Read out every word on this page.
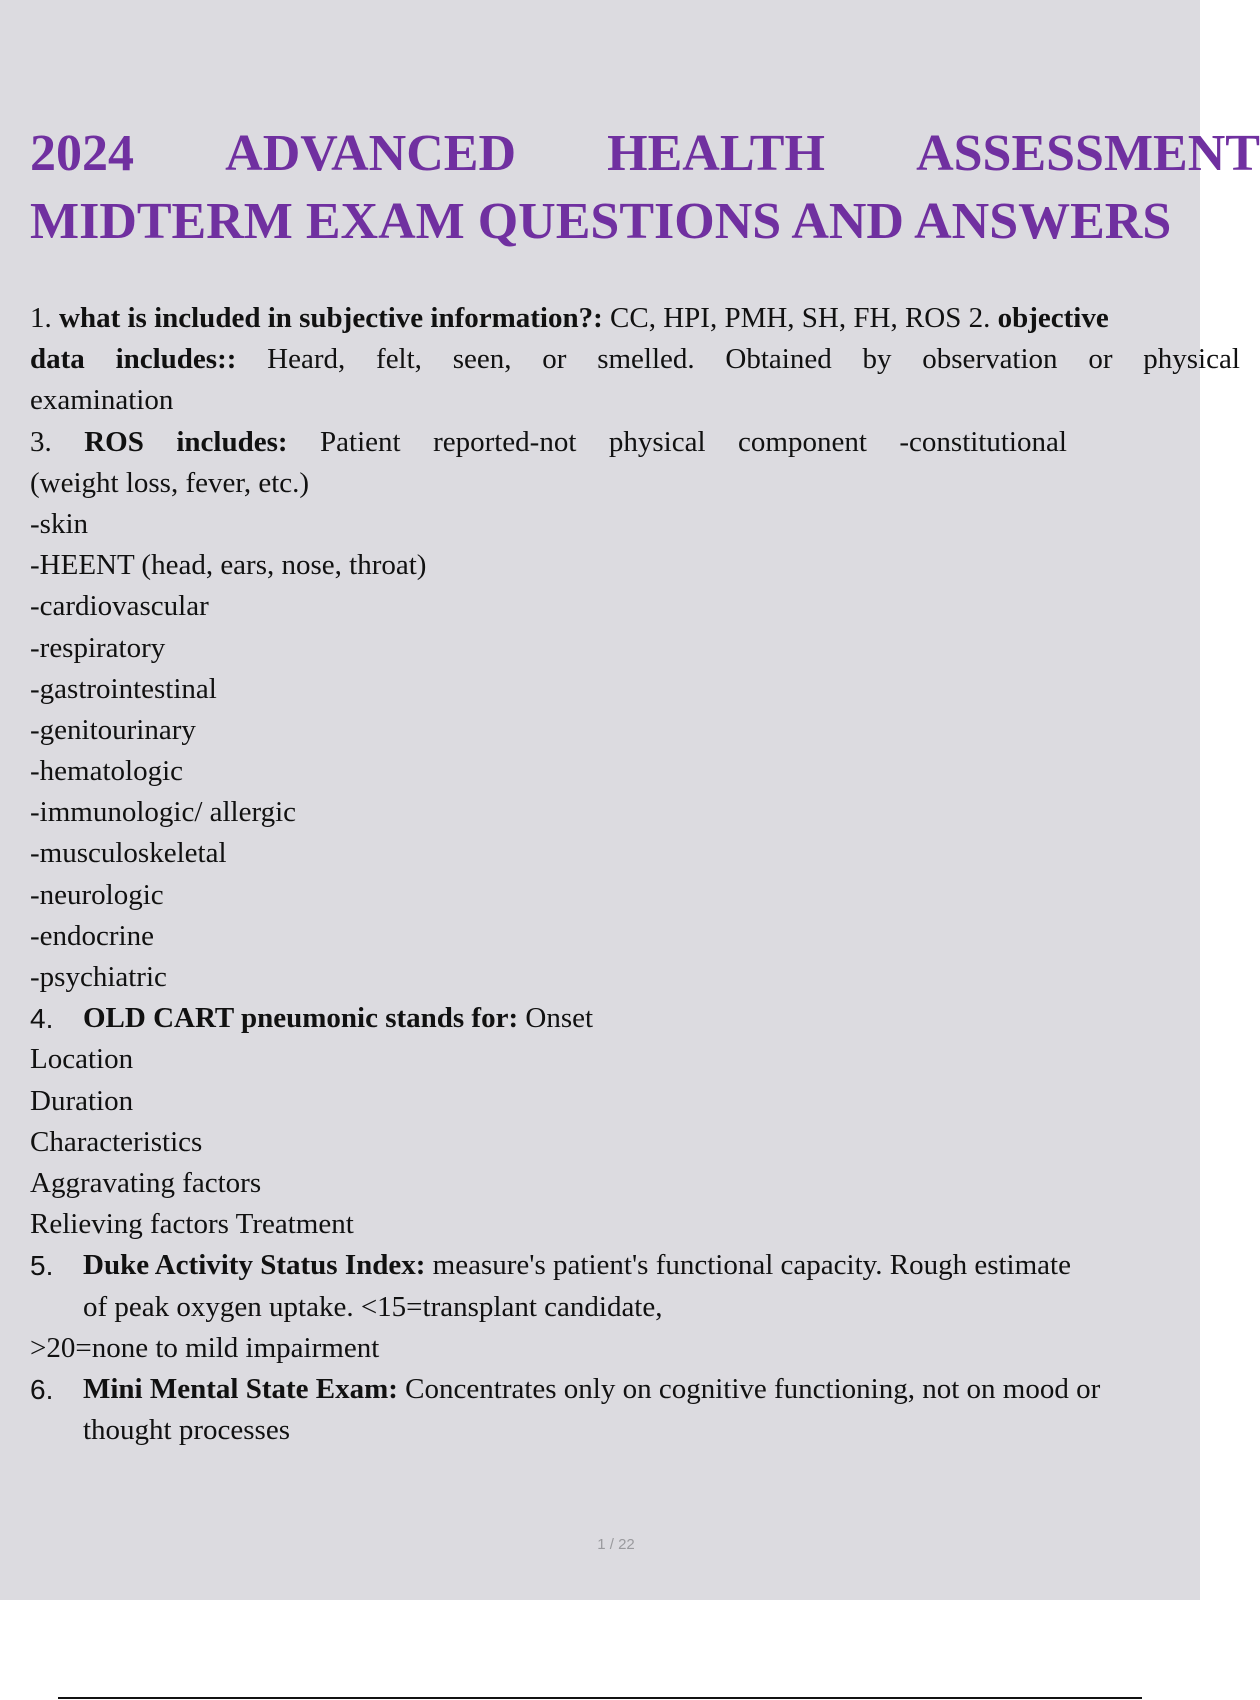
2024 ADVANCED HEALTH ASSESSMENT
MIDTERM EXAM QUESTIONS AND ANSWERS
1. what is included in subjective information?: CC, HPI, PMH, SH, FH, ROS 2. objective
data includes:: Heard, felt, seen, or smelled. Obtained by observation or physical
examination
3. ROS includes: Patient reported-not physical component -constitutional
(weight loss, fever, etc.)
-skin
-HEENT (head, ears, nose, throat)
-cardiovascular
-respiratory
-gastrointestinal
-genitourinary
-hematologic
-immunologic/ allergic
-musculoskeletal
-neurologic
-endocrine
-psychiatric
4. OLD CART pneumonic stands for: Onset
Location
Duration
Characteristics
Aggravating factors
Relieving factors Treatment
5. Duke Activity Status Index: measure's patient's functional capacity. Rough estimate
of peak oxygen uptake. <15=transplant candidate,
>20=none to mild impairment
6. Mini Mental State Exam: Concentrates only on cognitive functioning, not on mood or
thought processes
1 / 22
